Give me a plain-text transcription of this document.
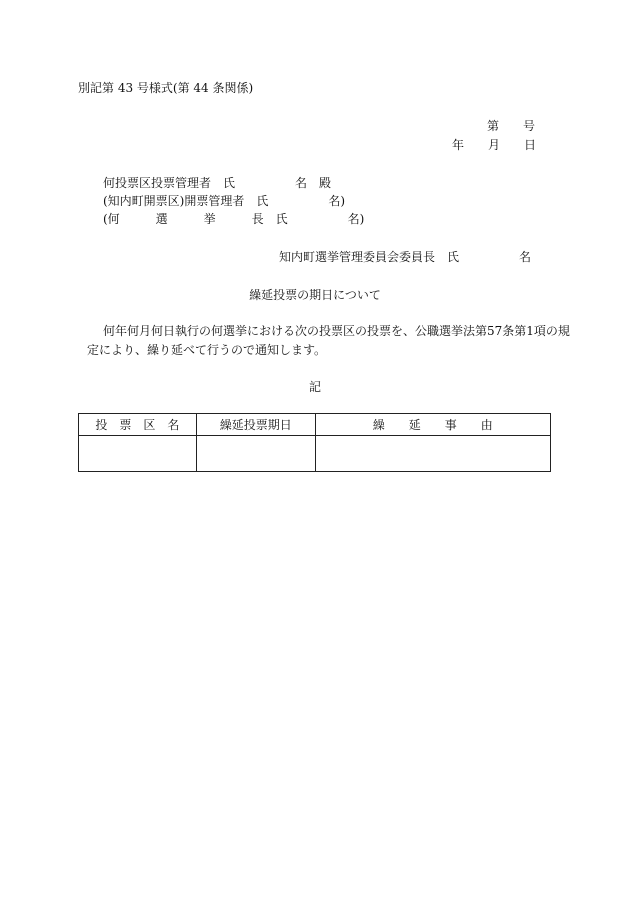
別記第 43 号様式(第 44 条関係)
第　　号
年　　月　　日
何投票区投票管理者　氏　　　　　名　殿
(知内町開票区)開票管理者　氏　　　　　名)
(何　　　選　　　挙　　　長　氏　　　　　名)
知内町選挙管理委員会委員長　氏　　　　　名
繰延投票の期日について
何年何月何日執行の何選挙における次の投票区の投票を、公職選挙法第57条第1項の規
定により、繰り延べて行うので通知します。
記
投　票　区　名	繰延投票期日	繰　　延　　事　　由
